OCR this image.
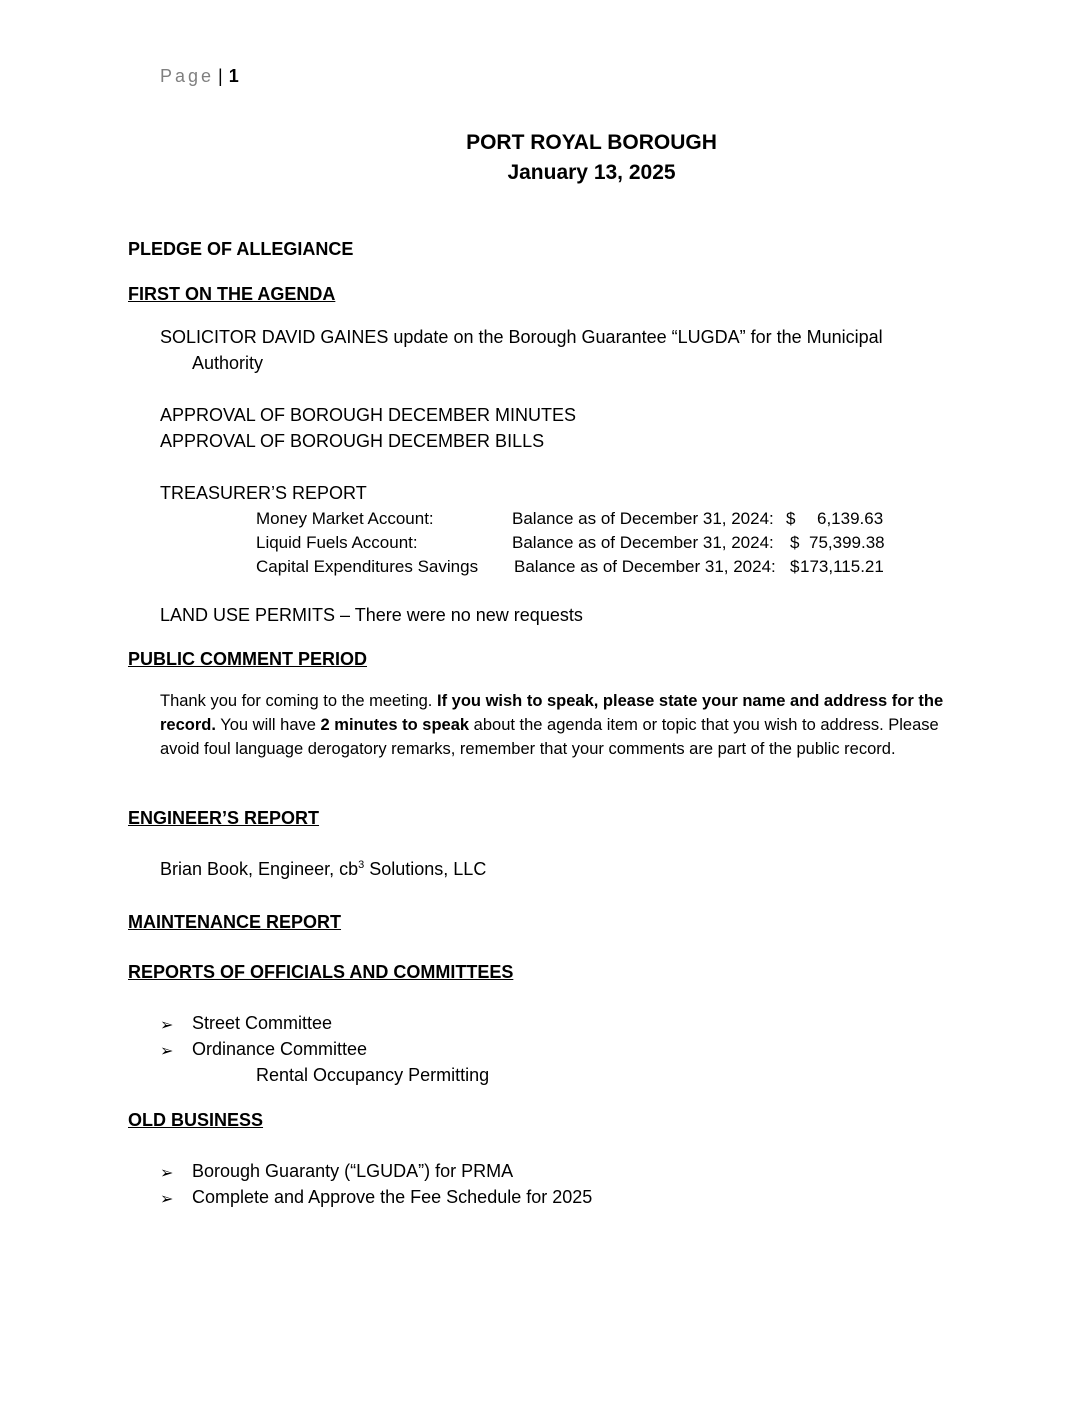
Page | 1
PORT ROYAL BOROUGH
January 13, 2025
PLEDGE OF ALLEGIANCE
FIRST ON THE AGENDA
SOLICITOR DAVID GAINES update on the Borough Guarantee “LUGDA” for the Municipal
Authority
APPROVAL OF BOROUGH DECEMBER MINUTES
APPROVAL OF BOROUGH DECEMBER BILLS
TREASURER’S REPORT
Money Market Account:	Balance as of December 31, 2024: $ 6,139.63
Liquid Fuels Account:	Balance as of December 31, 2024: $ 75,399.38
Capital Expenditures Savings Balance as of December 31, 2024: $ 173,115.21
LAND USE PERMITS – There were no new requests
PUBLIC COMMENT PERIOD
Thank you for coming to the meeting. If you wish to speak, please state your name and address for the record. You will have 2 minutes to speak about the agenda item or topic that you wish to address. Please avoid foul language derogatory remarks, remember that your comments are part of the public record.
ENGINEER’S REPORT
Brian Book, Engineer, $cb^3$ Solutions, LLC
MAINTENANCE REPORT
REPORTS OF OFFICIALS AND COMMITTEES
➢ Street Committee
➢ Ordinance Committee
Rental Occupancy Permitting
OLD BUSINESS
➢ Borough Guaranty (“LGUDA”) for PRMA
➢ Complete and Approve the Fee Schedule for 2025
